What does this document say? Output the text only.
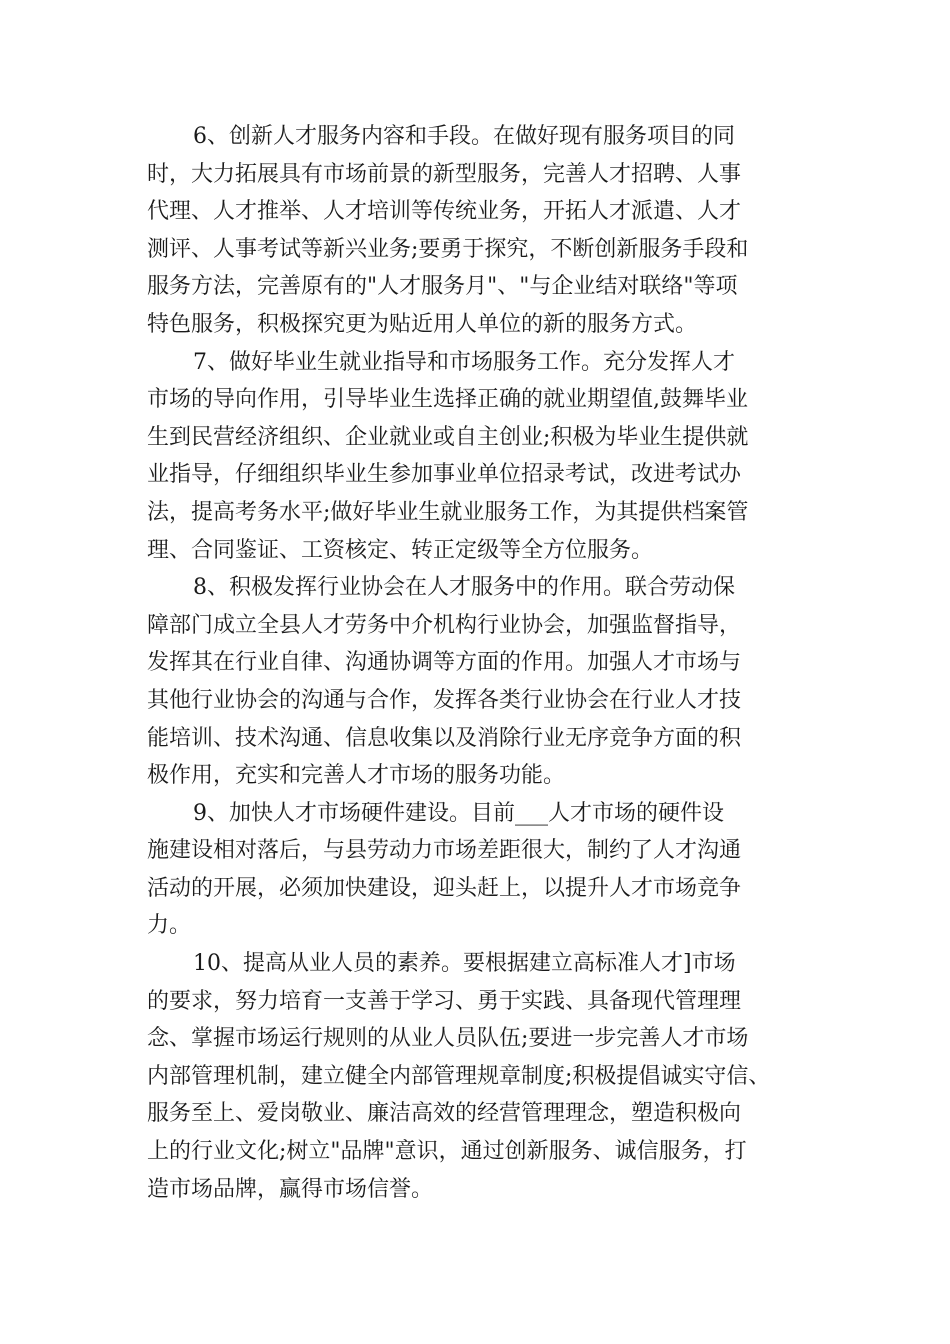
6、创新人才服务内容和手段。在做好现有服务项目的同
时，大力拓展具有市场前景的新型服务，完善人才招聘、人事
代理、人才推举、人才培训等传统业务，开拓人才派遣、人才
测评、人事考试等新兴业务;要勇于探究，不断创新服务手段和
服务方法，完善原有的"人才服务月"、"与企业结对联络"等项
特色服务，积极探究更为贴近用人单位的新的服务方式。
7、做好毕业生就业指导和市场服务工作。充分发挥人才
市场的导向作用，引导毕业生选择正确的就业期望值,鼓舞毕业
生到民营经济组织、企业就业或自主创业;积极为毕业生提供就
业指导，仔细组织毕业生参加事业单位招录考试，改进考试办
法，提高考务水平;做好毕业生就业服务工作，为其提供档案管
理、合同鉴证、工资核定、转正定级等全方位服务。
8、积极发挥行业协会在人才服务中的作用。联合劳动保
障部门成立全县人才劳务中介机构行业协会，加强监督指导，
发挥其在行业自律、沟通协调等方面的作用。加强人才市场与
其他行业协会的沟通与合作，发挥各类行业协会在行业人才技
能培训、技术沟通、信息收集以及消除行业无序竞争方面的积
极作用，充实和完善人才市场的服务功能。
9、加快人才市场硬件建设。目前___人才市场的硬件设
施建设相对落后，与县劳动力市场差距很大，制约了人才沟通
活动的开展，必须加快建设，迎头赶上，以提升人才市场竞争
力。
10、提高从业人员的素养。要根据建立高标准人才]市场
的要求，努力培育一支善于学习、勇于实践、具备现代管理理
念、掌握市场运行规则的从业人员队伍;要进一步完善人才市场
内部管理机制，建立健全内部管理规章制度;积极提倡诚实守信、
服务至上、爱岗敬业、廉洁高效的经营管理理念，塑造积极向
上的行业文化;树立"品牌"意识，通过创新服务、诚信服务，打
造市场品牌，赢得市场信誉。
